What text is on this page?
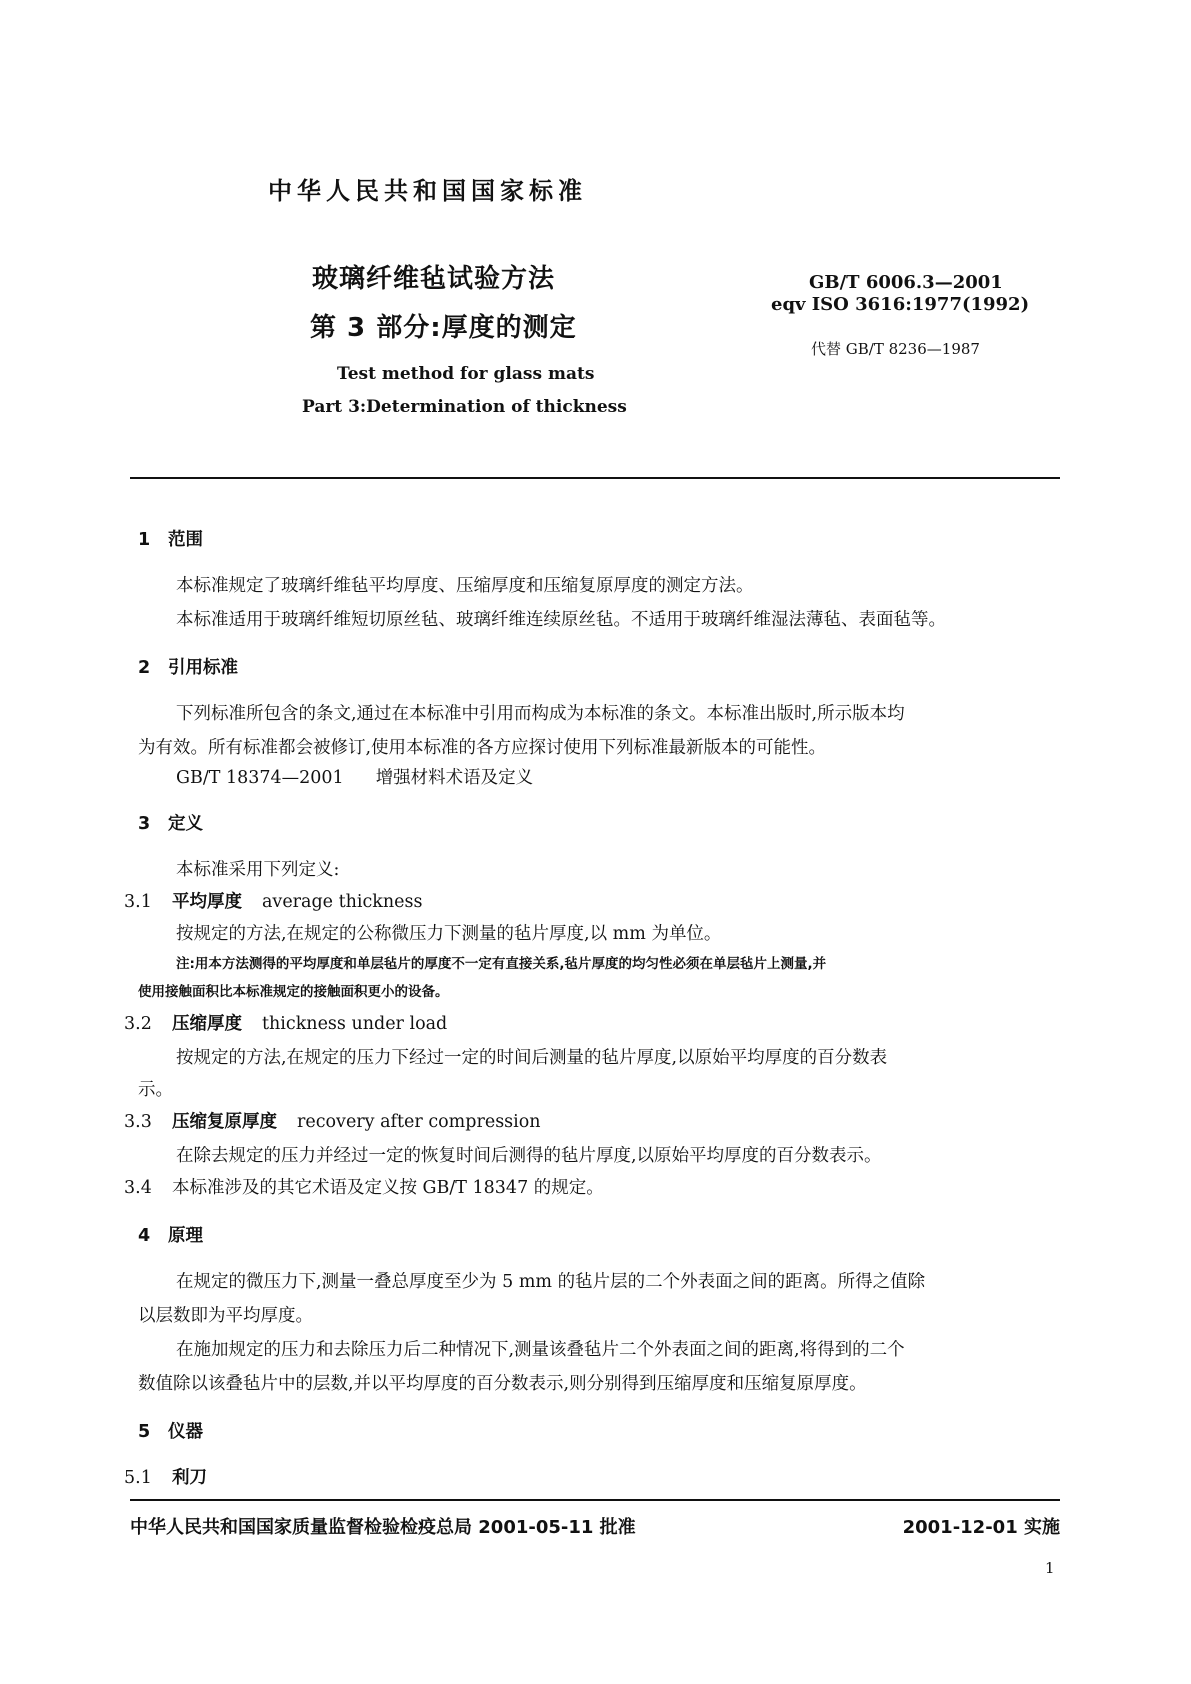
中华人民共和国国家标准
玻璃纤维毡试验方法
第 3 部分:厚度的测定
Test method for glass mats
Part 3:Determination of thickness
GB/T 6006.3—2001
eqv ISO 3616:1977(1992)
代替 GB/T 8236—1987
1 范围
本标准规定了玻璃纤维毡平均厚度、压缩厚度和压缩复原厚度的测定方法。
本标准适用于玻璃纤维短切原丝毡、玻璃纤维连续原丝毡。不适用于玻璃纤维湿法薄毡、表面毡等。
2 引用标准
下列标准所包含的条文,通过在本标准中引用而构成为本标准的条文。本标准出版时,所示版本均
为有效。所有标准都会被修订,使用本标准的各方应探讨使用下列标准最新版本的可能性。
GB/T 18374—2001 增强材料术语及定义
3 定义
本标准采用下列定义:
3.1 平均厚度 average thickness
按规定的方法,在规定的公称微压力下测量的毡片厚度,以 mm 为单位。
注:用本方法测得的平均厚度和单层毡片的厚度不一定有直接关系,毡片厚度的均匀性必须在单层毡片上测量,并
使用接触面积比本标准规定的接触面积更小的设备。
3.2 压缩厚度 thickness under load
按规定的方法,在规定的压力下经过一定的时间后测量的毡片厚度,以原始平均厚度的百分数表
示。
3.3 压缩复原厚度 recovery after compression
在除去规定的压力并经过一定的恢复时间后测得的毡片厚度,以原始平均厚度的百分数表示。
3.4 本标准涉及的其它术语及定义按 GB/T 18347 的规定。
4 原理
在规定的微压力下,测量一叠总厚度至少为 5 mm 的毡片层的二个外表面之间的距离。所得之值除
以层数即为平均厚度。
在施加规定的压力和去除压力后二种情况下,测量该叠毡片二个外表面之间的距离,将得到的二个
数值除以该叠毡片中的层数,并以平均厚度的百分数表示,则分别得到压缩厚度和压缩复原厚度。
5 仪器
5.1 利刀
中华人民共和国国家质量监督检验检疫总局 2001-05-11 批准	2001-12-01 实施
1
